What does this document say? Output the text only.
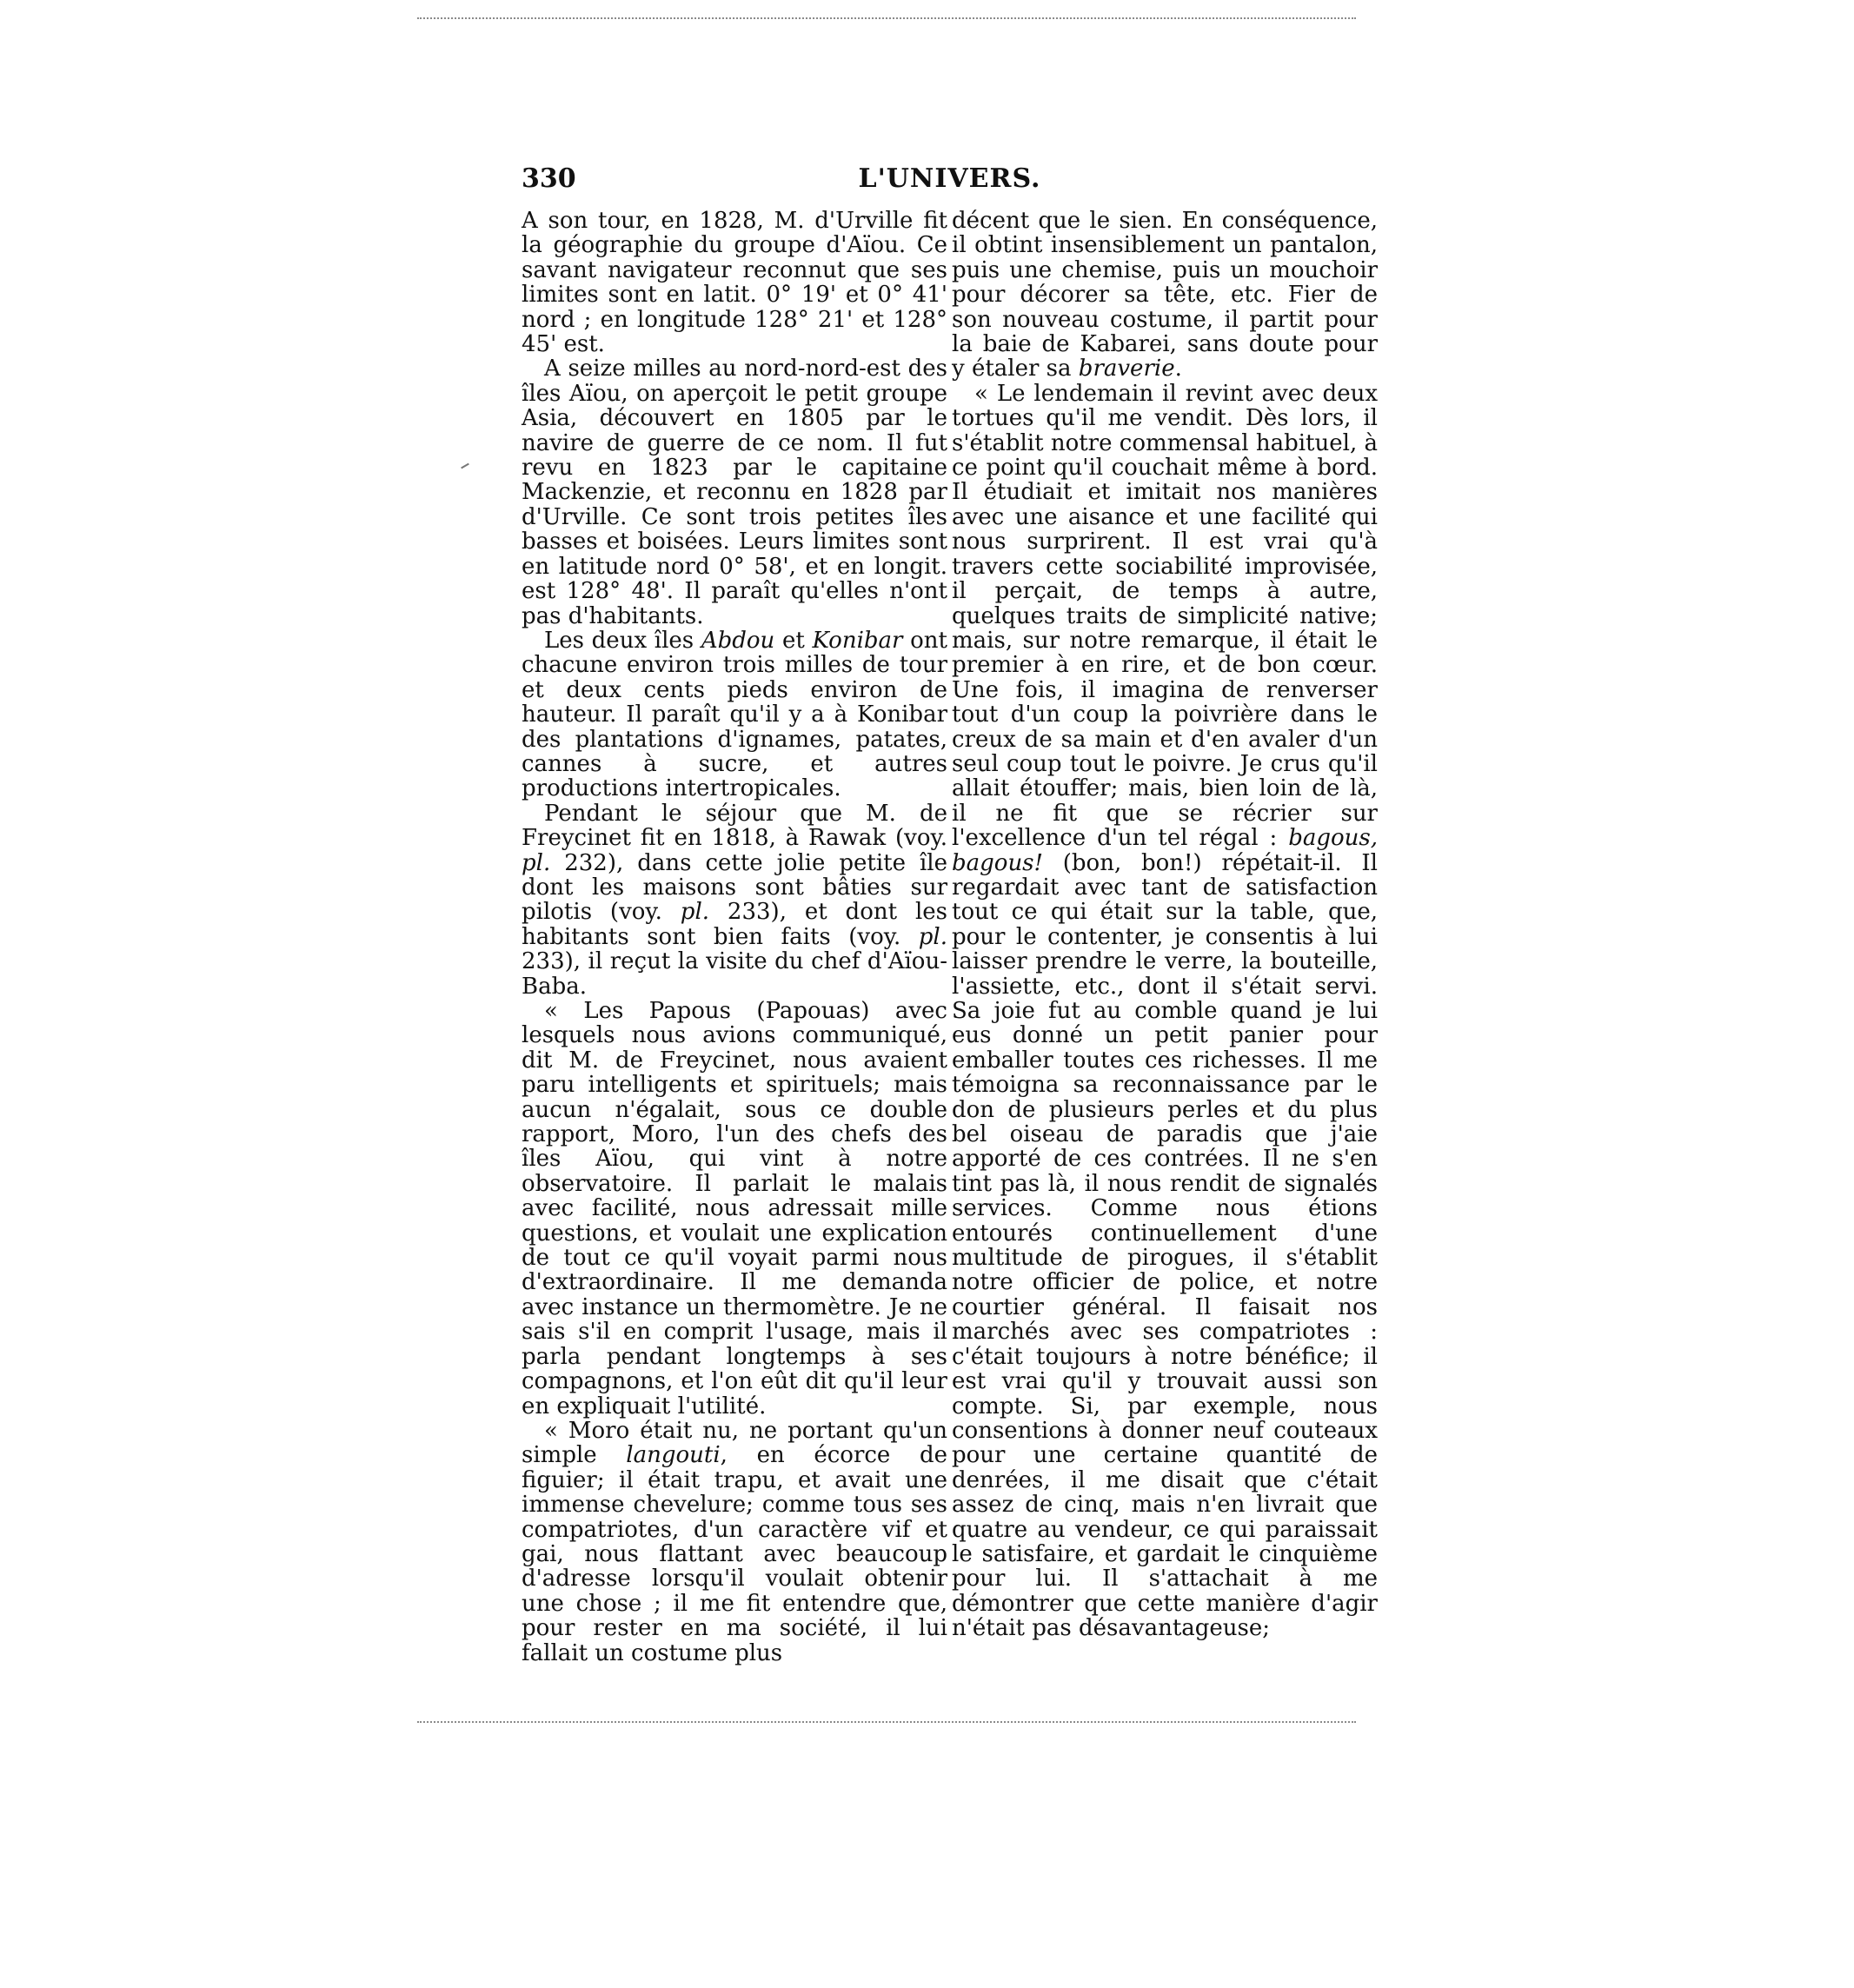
330	L'UNIVERS.

A son tour, en 1828, M. d'Urville fit la géographie du groupe d'Aïou. Ce savant navigateur reconnut que ses limites sont en latit. 0° 19' et 0° 41' nord ; en longitude 128° 21' et 128° 45' est.

A seize milles au nord-nord-est des îles Aïou, on aperçoit le petit groupe Asia, découvert en 1805 par le navire de guerre de ce nom. Il fut revu en 1823 par le capitaine Mackenzie, et reconnu en 1828 par d'Urville. Ce sont trois petites îles basses et boisées. Leurs limites sont en latitude nord 0° 58', et en longit. est 128° 48'. Il paraît qu'elles n'ont pas d'habitants.

Les deux îles Abdou et Konibar ont chacune environ trois milles de tour et deux cents pieds environ de hauteur. Il paraît qu'il y a à Konibar des plantations d'ignames, patates, cannes à sucre, et autres productions intertropicales.

Pendant le séjour que M. de Freycinet fit en 1818, à Rawak (voy. pl. 232), dans cette jolie petite île dont les maisons sont bâties sur pilotis (voy. pl. 233), et dont les habitants sont bien faits (voy. pl. 233), il reçut la visite du chef d'Aïou-Baba.

« Les Papous (Papouas) avec lesquels nous avions communiqué, dit M. de Freycinet, nous avaient paru intelligents et spirituels; mais aucun n'égalait, sous ce double rapport, Moro, l'un des chefs des îles Aïou, qui vint à notre observatoire. Il parlait le malais avec facilité, nous adressait mille questions, et voulait une explication de tout ce qu'il voyait parmi nous d'extraordinaire. Il me demanda avec instance un thermomètre. Je ne sais s'il en comprit l'usage, mais il parla pendant longtemps à ses compagnons, et l'on eût dit qu'il leur en expliquait l'utilité.

« Moro était nu, ne portant qu'un simple langouti, en écorce de figuier; il était trapu, et avait une immense chevelure; comme tous ses compatriotes, d'un caractère vif et gai, nous flattant avec beaucoup d'adresse lorsqu'il voulait obtenir une chose ; il me fit entendre que, pour rester en ma société, il lui fallait un costume plus

décent que le sien. En conséquence, il obtint insensiblement un pantalon, puis une chemise, puis un mouchoir pour décorer sa tête, etc. Fier de son nouveau costume, il partit pour la baie de Kabarei, sans doute pour y étaler sa braverie.

« Le lendemain il revint avec deux tortues qu'il me vendit. Dès lors, il s'établit notre commensal habituel, à ce point qu'il couchait même à bord. Il étudiait et imitait nos manières avec une aisance et une facilité qui nous surprirent. Il est vrai qu'à travers cette sociabilité improvisée, il perçait, de temps à autre, quelques traits de simplicité native; mais, sur notre remarque, il était le premier à en rire, et de bon cœur. Une fois, il imagina de renverser tout d'un coup la poivrière dans le creux de sa main et d'en avaler d'un seul coup tout le poivre. Je crus qu'il allait étouffer; mais, bien loin de là, il ne fit que se récrier sur l'excellence d'un tel régal : bagous, bagous! (bon, bon!) répétait-il. Il regardait avec tant de satisfaction tout ce qui était sur la table, que, pour le contenter, je consentis à lui laisser prendre le verre, la bouteille, l'assiette, etc., dont il s'était servi. Sa joie fut au comble quand je lui eus donné un petit panier pour emballer toutes ces richesses. Il me témoigna sa reconnaissance par le don de plusieurs perles et du plus bel oiseau de paradis que j'aie apporté de ces contrées. Il ne s'en tint pas là, il nous rendit de signalés services. Comme nous étions entourés continuellement d'une multitude de pirogues, il s'établit notre officier de police, et notre courtier général. Il faisait nos marchés avec ses compatriotes : c'était toujours à notre bénéfice; il est vrai qu'il y trouvait aussi son compte. Si, par exemple, nous consentions à donner neuf couteaux pour une certaine quantité de denrées, il me disait que c'était assez de cinq, mais n'en livrait que quatre au vendeur, ce qui paraissait le satisfaire, et gardait le cinquième pour lui. Il s'attachait à me démontrer que cette manière d'agir n'était pas désavantageuse;
